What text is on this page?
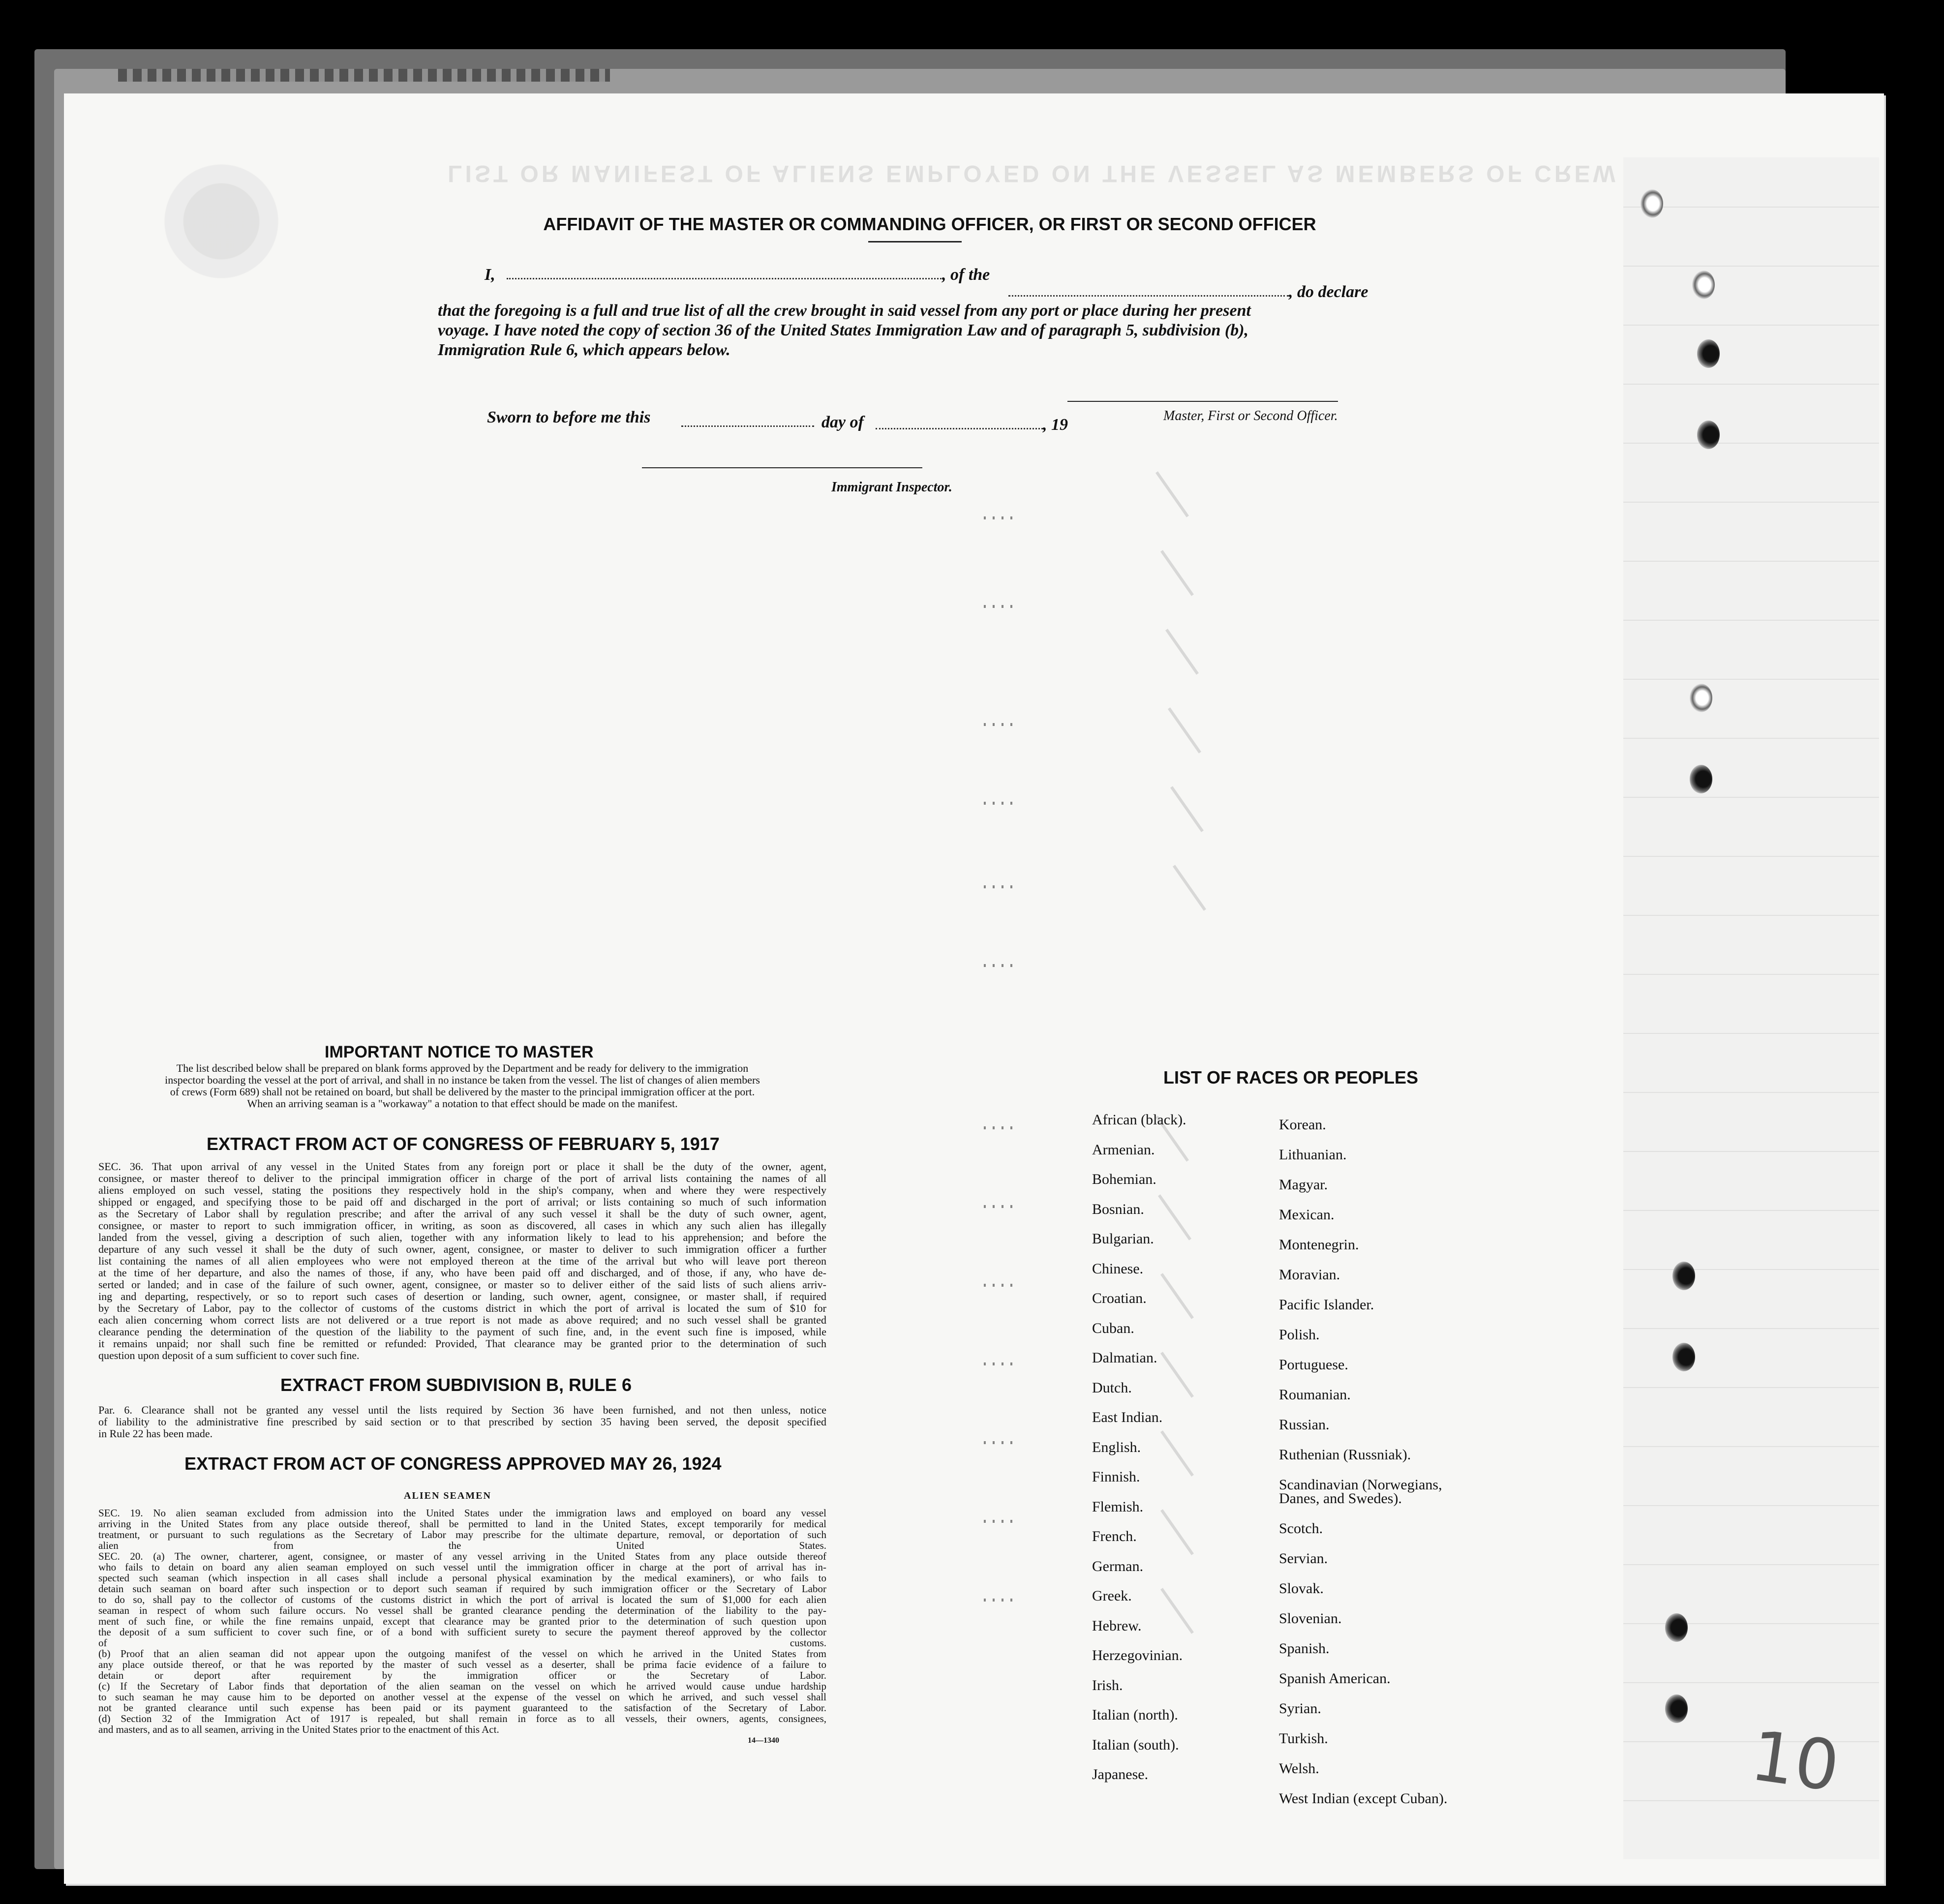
LIST OR MANIFEST OF ALIENS EMPLOYED ON THE VESSEL AS MEMBERS OF CREW
AFFIDAVIT OF THE MASTER OR COMMANDING OFFICER, OR FIRST OR SECOND OFFICER
I,	, of the
, do declare
that the foregoing is a full and true list of all the crew brought in said vessel from any port or place during her present
voyage. I have noted the copy of section 36 of the United States Immigration Law and of paragraph 5, subdivision (b),
Immigration Rule 6, which appears below.
Master, First or Second Officer.
Sworn to before me this	day of	, 19
Immigrant Inspector.
IMPORTANT NOTICE TO MASTER
The list described below shall be prepared on blank forms approved by the Department and be ready for delivery to the immigration
inspector boarding the vessel at the port of arrival, and shall in no instance be taken from the vessel. The list of changes of alien members
of crews (Form 689) shall not be retained on board, but shall be delivered by the master to the principal immigration officer at the port.
When an arriving seaman is a "workaway" a notation to that effect should be made on the manifest.
EXTRACT FROM ACT OF CONGRESS OF FEBRUARY 5, 1917
SEC. 36. That upon arrival of any vessel in the United States from any foreign port or place it shall be the duty of the owner, agent,
consignee, or master thereof to deliver to the principal immigration officer in charge of the port of arrival lists containing the names of all
aliens employed on such vessel, stating the positions they respectively hold in the ship's company, when and where they were respectively
shipped or engaged, and specifying those to be paid off and discharged in the port of arrival; or lists containing so much of such information
as the Secretary of Labor shall by regulation prescribe; and after the arrival of any such vessel it shall be the duty of such owner, agent,
consignee, or master to report to such immigration officer, in writing, as soon as discovered, all cases in which any such alien has illegally
landed from the vessel, giving a description of such alien, together with any information likely to lead to his apprehension; and before the
departure of any such vessel it shall be the duty of such owner, agent, consignee, or master to deliver to such immigration officer a further
list containing the names of all alien employees who were not employed thereon at the time of the arrival but who will leave port thereon
at the time of her departure, and also the names of those, if any, who have been paid off and discharged, and of those, if any, who have de-
serted or landed; and in case of the failure of such owner, agent, consignee, or master so to deliver either of the said lists of such aliens arriv-
ing and departing, respectively, or so to report such cases of desertion or landing, such owner, agent, consignee, or master shall, if required
by the Secretary of Labor, pay to the collector of customs of the customs district in which the port of arrival is located the sum of $10 for
each alien concerning whom correct lists are not delivered or a true report is not made as above required; and no such vessel shall be granted
clearance pending the determination of the question of the liability to the payment of such fine, and, in the event such fine is imposed, while
it remains unpaid; nor shall such fine be remitted or refunded: Provided, That clearance may be granted prior to the determination of such
question upon deposit of a sum sufficient to cover such fine.
EXTRACT FROM SUBDIVISION B, RULE 6
Par. 6. Clearance shall not be granted any vessel until the lists required by Section 36 have been furnished, and not then unless, notice
of liability to the administrative fine prescribed by said section or to that prescribed by section 35 having been served, the deposit specified
in Rule 22 has been made.
EXTRACT FROM ACT OF CONGRESS APPROVED MAY 26, 1924
ALIEN SEAMEN
SEC. 19. No alien seaman excluded from admission into the United States under the immigration laws and employed on board any vessel
arriving in the United States from any place outside thereof, shall be permitted to land in the United States, except temporarily for medical
treatment, or pursuant to such regulations as the Secretary of Labor may prescribe for the ultimate departure, removal, or deportation of such
alien from the United States.
SEC. 20. (a) The owner, charterer, agent, consignee, or master of any vessel arriving in the United States from any place outside thereof
who fails to detain on board any alien seaman employed on such vessel until the immigration officer in charge at the port of arrival has in-
spected such seaman (which inspection in all cases shall include a personal physical examination by the medical examiners), or who fails to
detain such seaman on board after such inspection or to deport such seaman if required by such immigration officer or the Secretary of Labor
to do so, shall pay to the collector of customs of the customs district in which the port of arrival is located the sum of $1,000 for each alien
seaman in respect of whom such failure occurs. No vessel shall be granted clearance pending the determination of the liability to the pay-
ment of such fine, or while the fine remains unpaid, except that clearance may be granted prior to the determination of such question upon
the deposit of a sum sufficient to cover such fine, or of a bond with sufficient surety to secure the payment thereof approved by the collector
of customs.
(b) Proof that an alien seaman did not appear upon the outgoing manifest of the vessel on which he arrived in the United States from
any place outside thereof, or that he was reported by the master of such vessel as a deserter, shall be prima facie evidence of a failure to
detain or deport after requirement by the immigration officer or the Secretary of Labor.
(c) If the Secretary of Labor finds that deportation of the alien seaman on the vessel on which he arrived would cause undue hardship
to such seaman he may cause him to be deported on another vessel at the expense of the vessel on which he arrived, and such vessel shall
not be granted clearance until such expense has been paid or its payment guaranteed to the satisfaction of the Secretary of Labor.
(d) Section 32 of the Immigration Act of 1917 is repealed, but shall remain in force as to all vessels, their owners, agents, consignees,
and masters, and as to all seamen, arriving in the United States prior to the enactment of this Act.
14—1340
LIST OF RACES OR PEOPLES
African (black).
Armenian.
Bohemian.
Bosnian.
Bulgarian.
Chinese.
Croatian.
Cuban.
Dalmatian.
Dutch.
East Indian.
English.
Finnish.
Flemish.
French.
German.
Greek.
Hebrew.
Herzegovinian.
Irish.
Italian (north).
Italian (south).
Japanese.
Korean.
Lithuanian.
Magyar.
Mexican.
Montenegrin.
Moravian.
Pacific Islander.
Polish.
Portuguese.
Roumanian.
Russian.
Ruthenian (Russniak).
Scandinavian (Norwegians,
Danes, and Swedes).
Scotch.
Servian.
Slovak.
Slovenian.
Spanish.
Spanish American.
Syrian.
Turkish.
Welsh.
West Indian (except Cuban).	10
